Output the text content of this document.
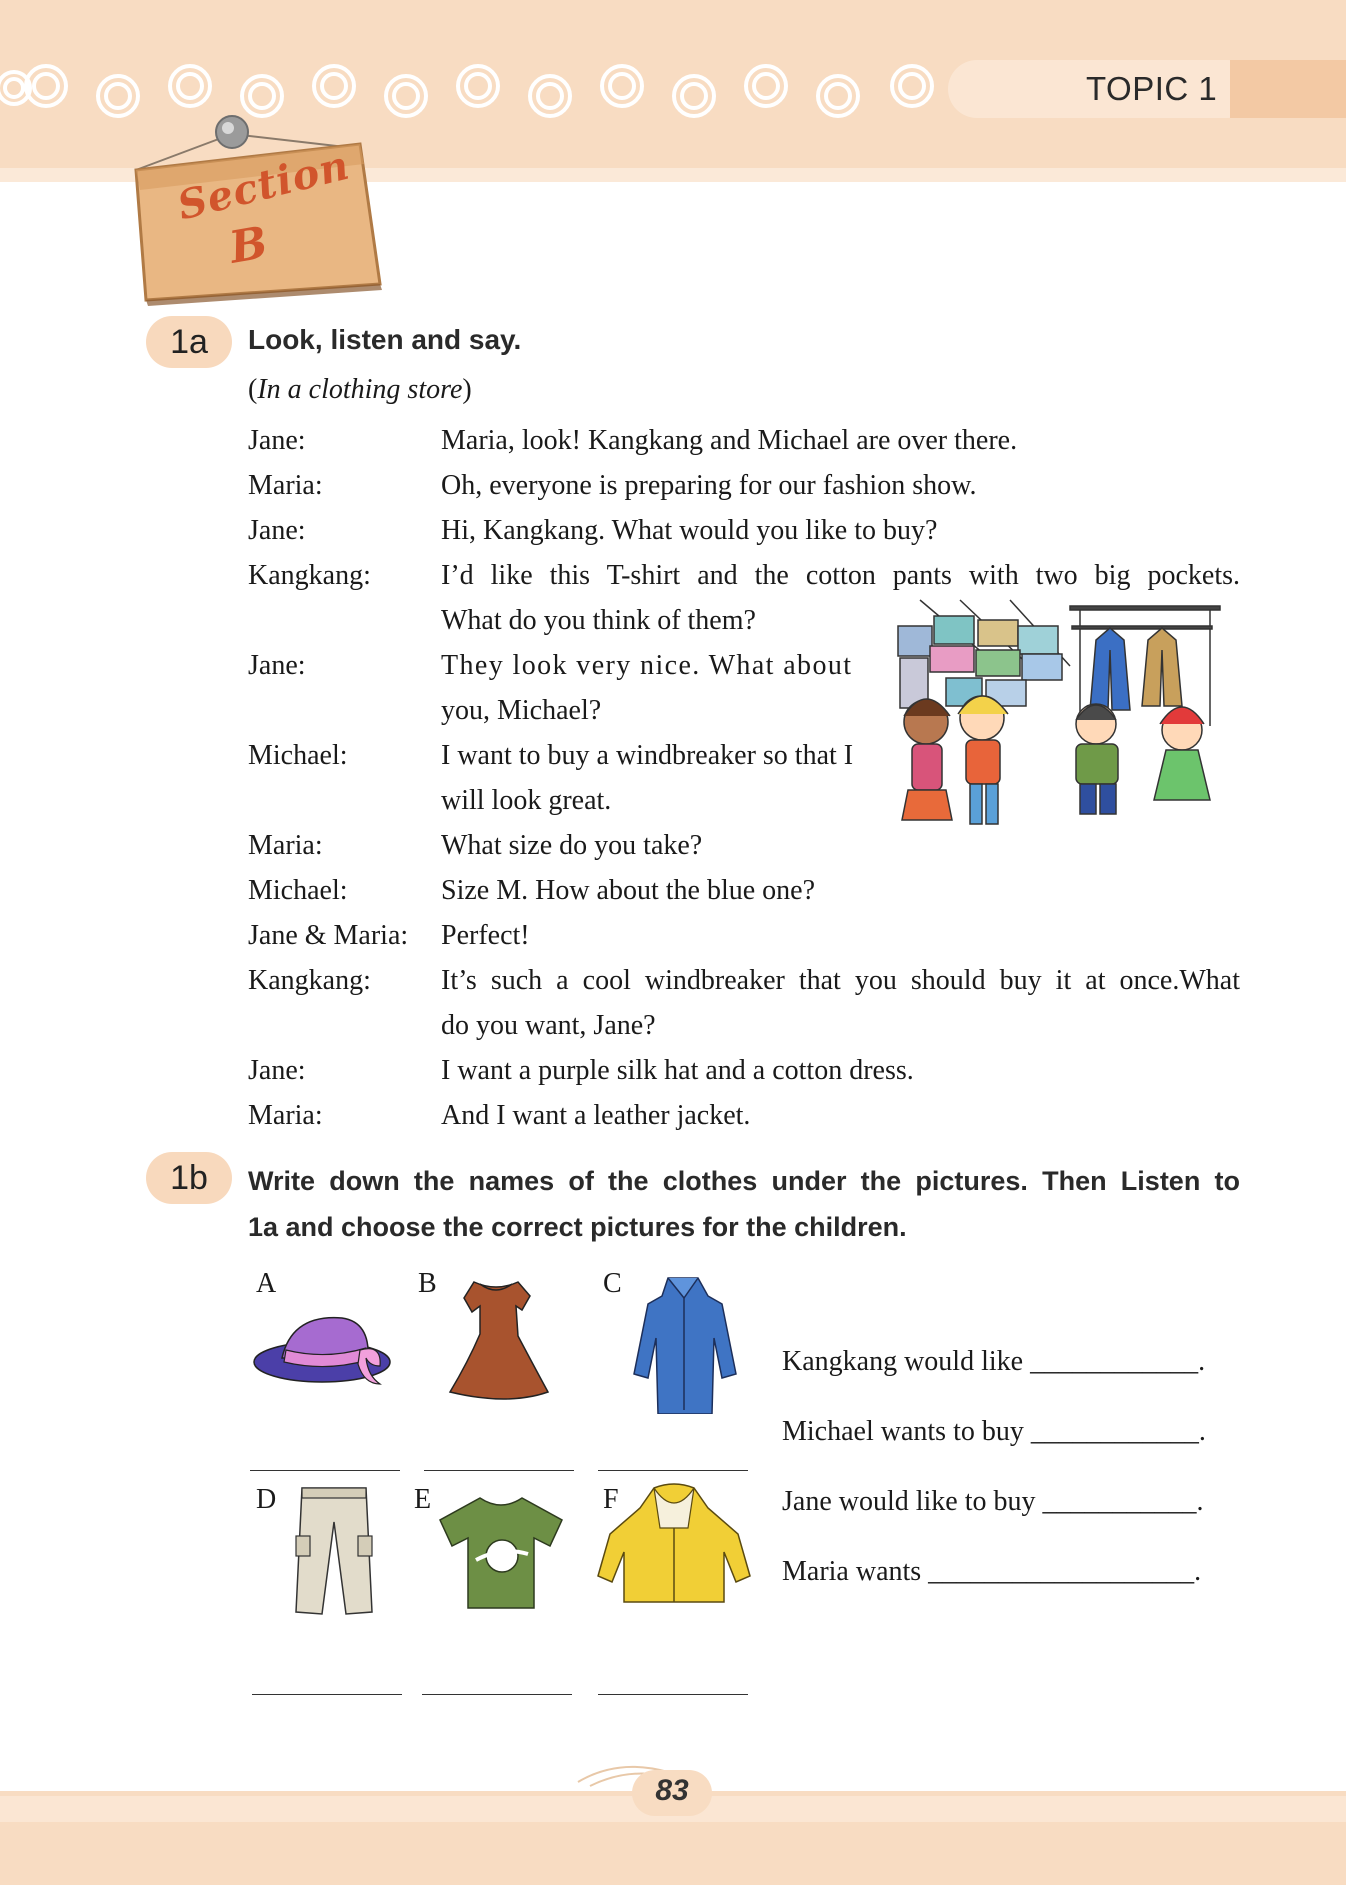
TOPIC 1
Section
B
1a	Look, listen and say.
(In a clothing store)
Jane:	Maria, look! Kangkang and Michael are over there.
Maria:	Oh, everyone is preparing for our fashion show.
Jane:	Hi, Kangkang. What would you like to buy?
Kangkang:	I’d like this T-shirt and the cotton pants with two big pockets.
What do you think of them?
Jane:	They look very nice. What about
you, Michael?
Michael:	I want to buy a windbreaker so that I
will look great.
Maria:	What size do you take?
Michael:	Size M. How about the blue one?
Jane & Maria:	Perfect!
Kangkang:	It’s such a cool windbreaker that you should buy it at once.What
do you want, Jane?
Jane:	I want a purple silk hat and a cotton dress.
Maria:	And I want a leather jacket.
1b	Write down the names of the clothes under the pictures. Then Listen to
1a and choose the correct pictures for the children.
A	B	C
D	E	F
Kangkang would like ____________.
Michael wants to buy ____________.
Jane would like to buy ___________.
Maria wants ___________________.
83
